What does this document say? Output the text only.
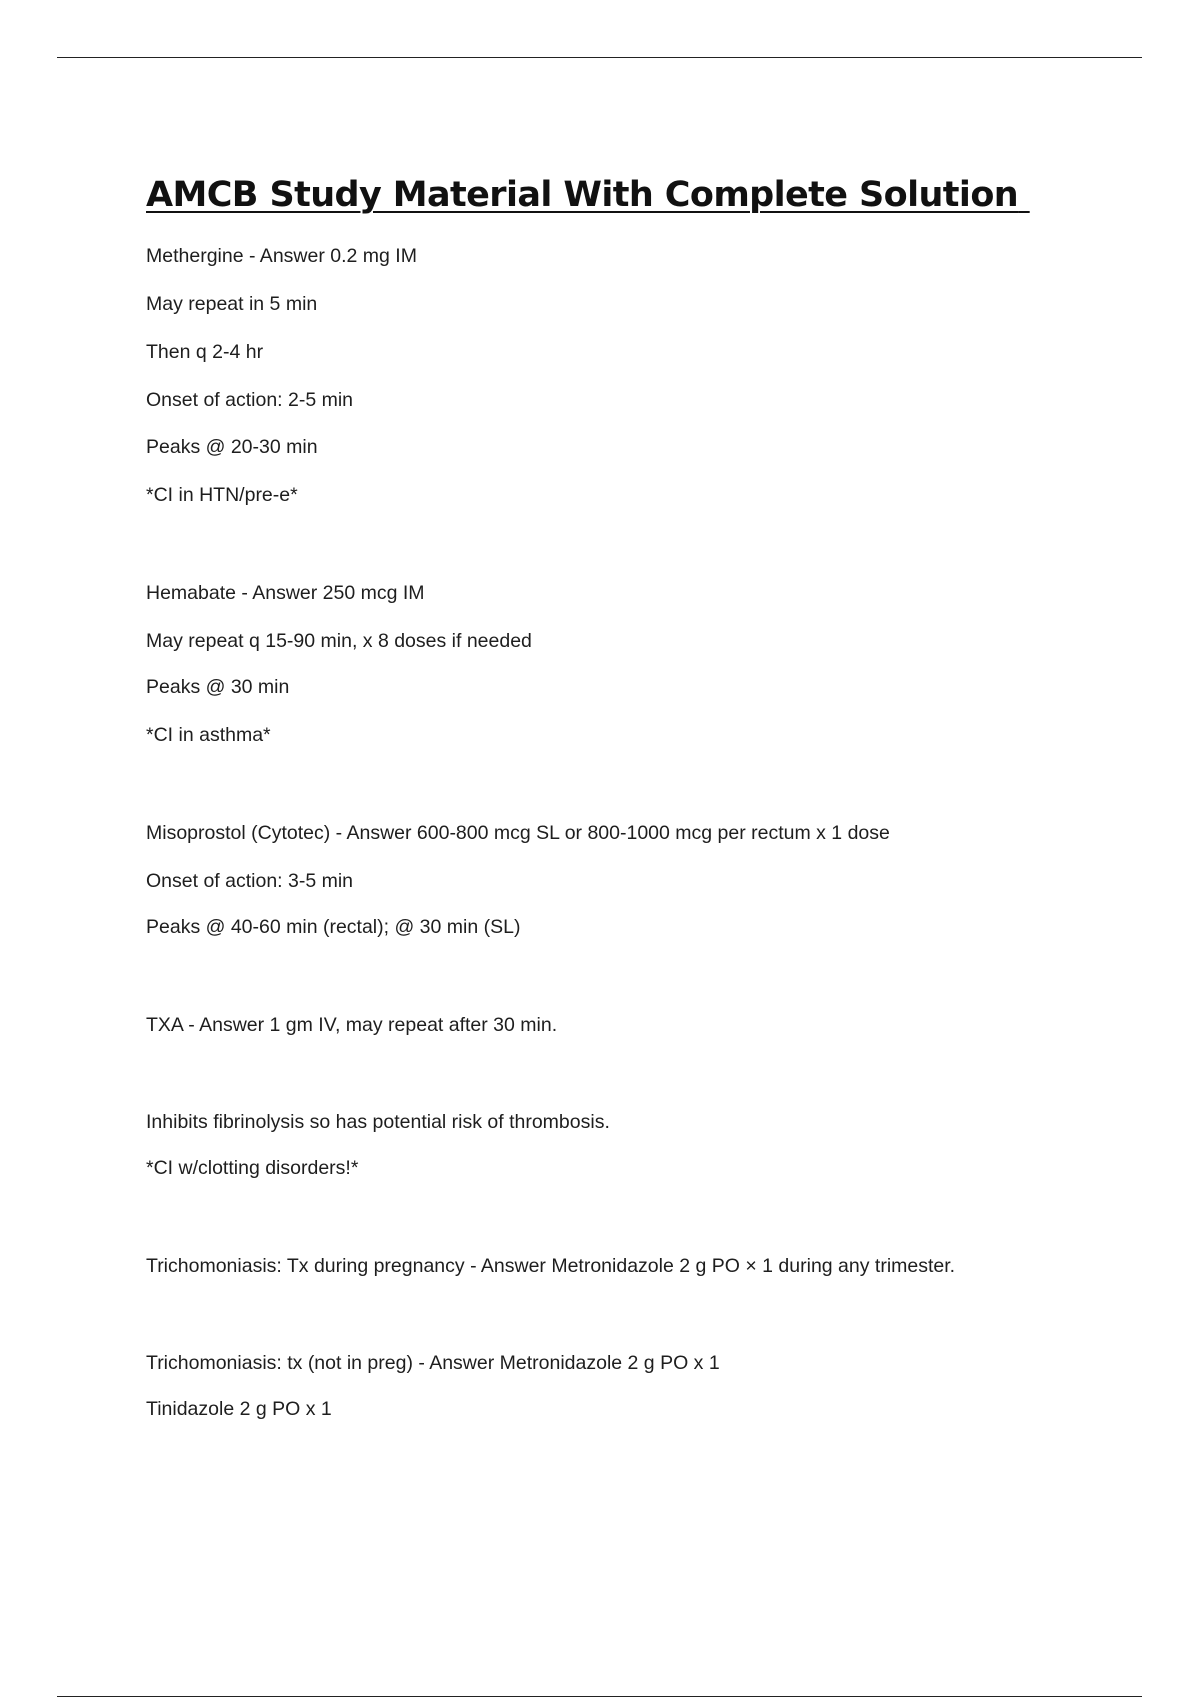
AMCB Study Material With Complete Solution

Methergine - Answer 0.2 mg IM

May repeat in 5 min

Then q 2-4 hr

Onset of action: 2-5 min

Peaks @ 20-30 min

*CI in HTN/pre-e*

Hemabate - Answer 250 mcg IM

May repeat q 15-90 min, x 8 doses if needed

Peaks @ 30 min

*CI in asthma*

Misoprostol (Cytotec) - Answer 600-800 mcg SL or 800-1000 mcg per rectum x 1 dose

Onset of action: 3-5 min

Peaks @ 40-60 min (rectal); @ 30 min (SL)

TXA - Answer 1 gm IV, may repeat after 30 min.

Inhibits fibrinolysis so has potential risk of thrombosis.

*CI w/clotting disorders!*

Trichomoniasis: Tx during pregnancy - Answer Metronidazole 2 g PO × 1 during any trimester.

Trichomoniasis: tx (not in preg) - Answer Metronidazole 2 g PO x 1

Tinidazole 2 g PO x 1
